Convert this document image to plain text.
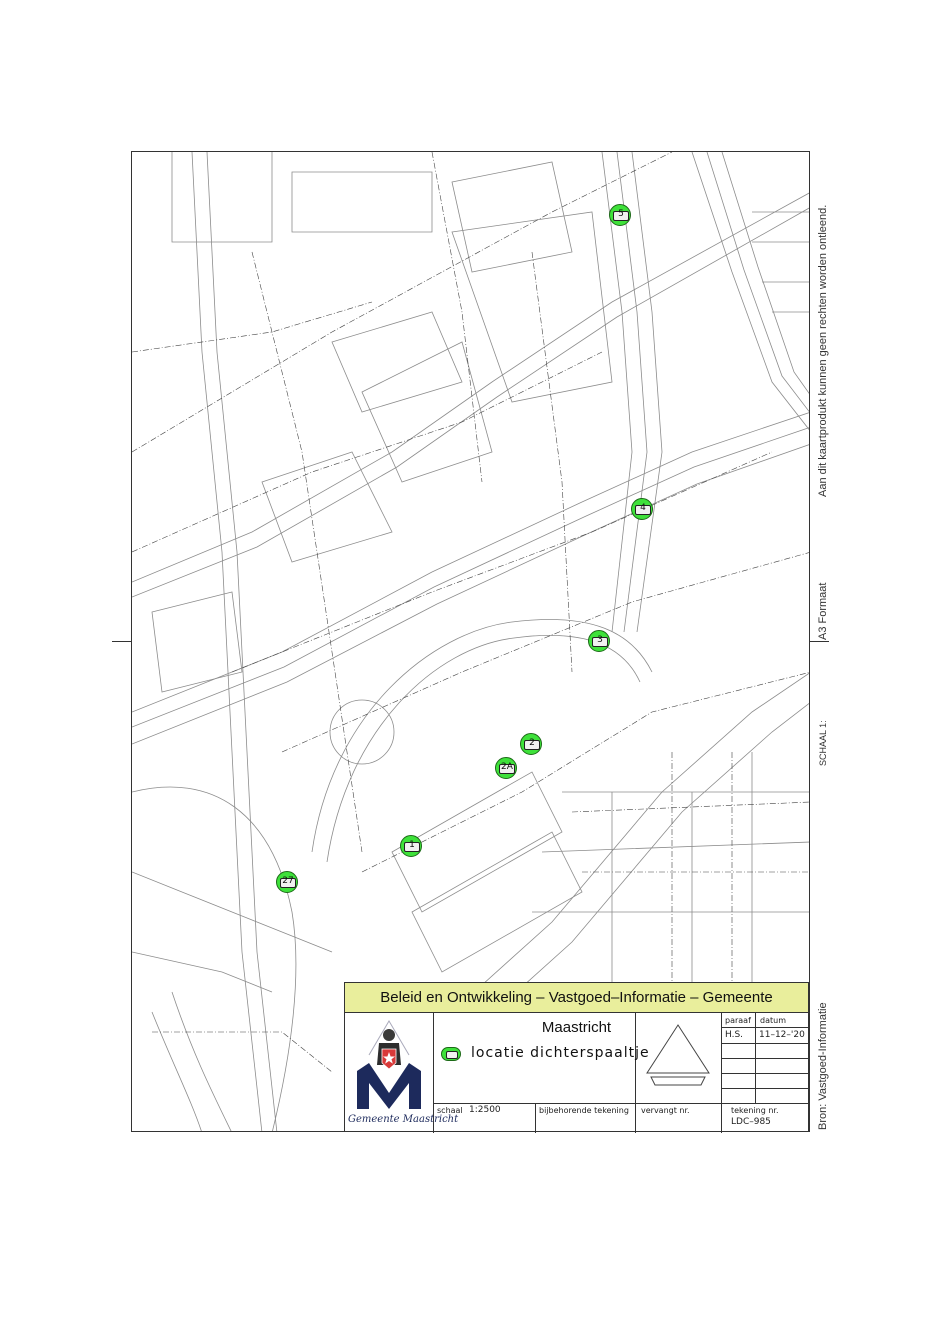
1
2
2A
3
4
5
27
Aan dit kaartprodukt kunnen geen rechten worden ontleend.
A3 Formaat
SCHAAL 1:
Bron: Vastgoed-Informatie
Beleid en Ontwikkeling – Vastgoed–Informatie – Gemeente Maastricht
Gemeente Maastricht
locatie dichterspaaltje
paraaf datum
H.S. 11–12–'20
schaal 1:2500	bijbehorende tekening vervangt nr.	tekening nr.
LDC–985
